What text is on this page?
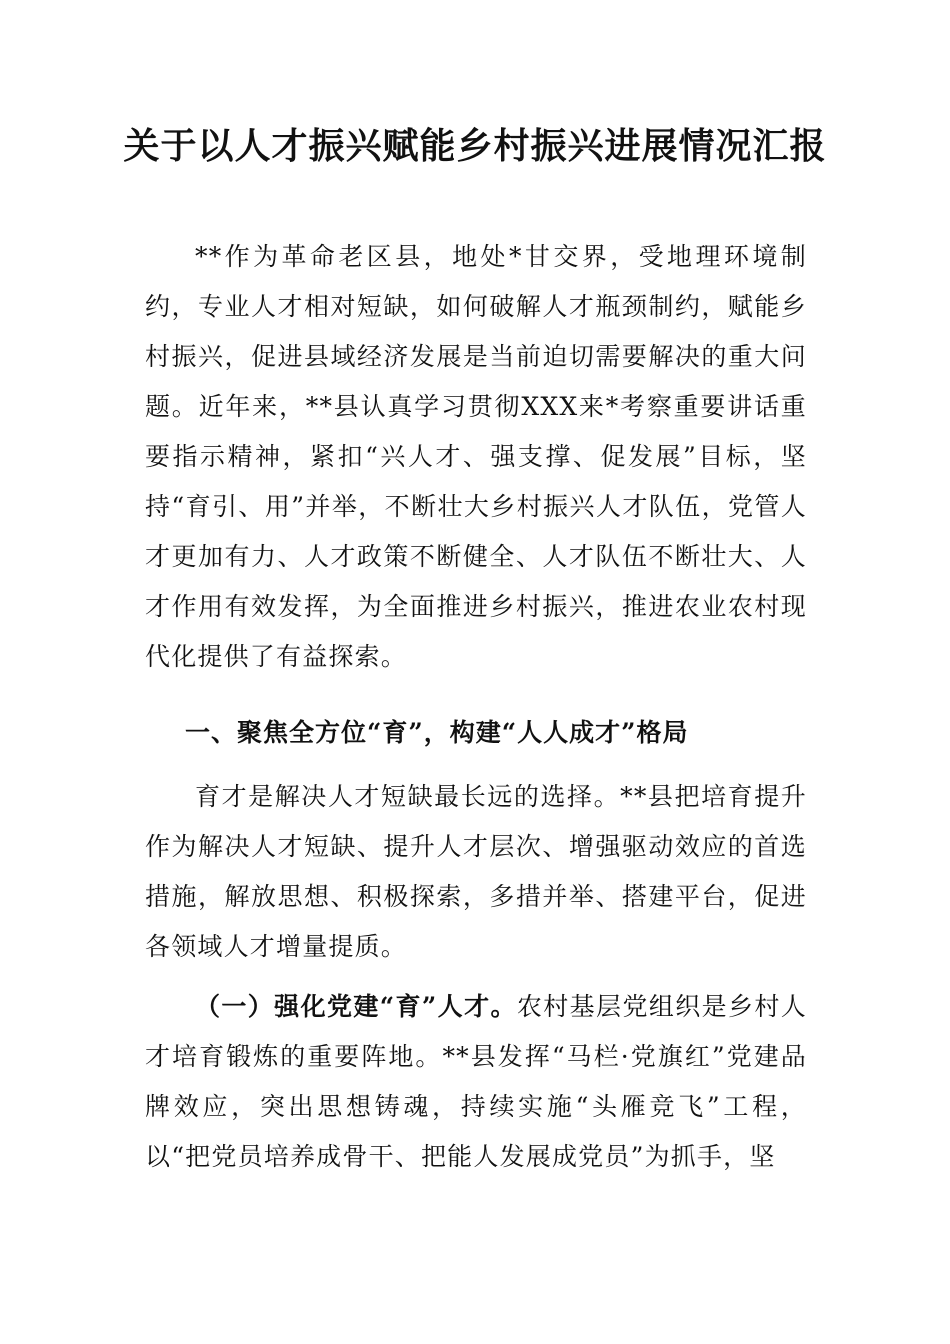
关于以人才振兴赋能乡村振兴进展情况汇报

**作为革命老区县，地处*甘交界，受地理环境制约，专业人才相对短缺，如何破解人才瓶颈制约，赋能乡村振兴，促进县域经济发展是当前迫切需要解决的重大问题。近年来，**县认真学习贯彻XXX来*考察重要讲话重要指示精神，紧扣“兴人才、强支撑、促发展”目标，坚持“育引、用”并举，不断壮大乡村振兴人才队伍，党管人才更加有力、人才政策不断健全、人才队伍不断壮大、人才作用有效发挥，为全面推进乡村振兴，推进农业农村现代化提供了有益探索。

一、聚焦全方位“育”，构建“人人成才”格局

育才是解决人才短缺最长远的选择。**县把培育提升作为解决人才短缺、提升人才层次、增强驱动效应的首选措施，解放思想、积极探索，多措并举、搭建平台，促进各领域人才增量提质。

（一）强化党建“育”人才。农村基层党组织是乡村人才培育锻炼的重要阵地。**县发挥“马栏·党旗红”党建品牌效应，突出思想铸魂，持续实施“头雁竞飞”工程，以“把党员培养成骨干、把能人发展成党员”为抓手，坚
